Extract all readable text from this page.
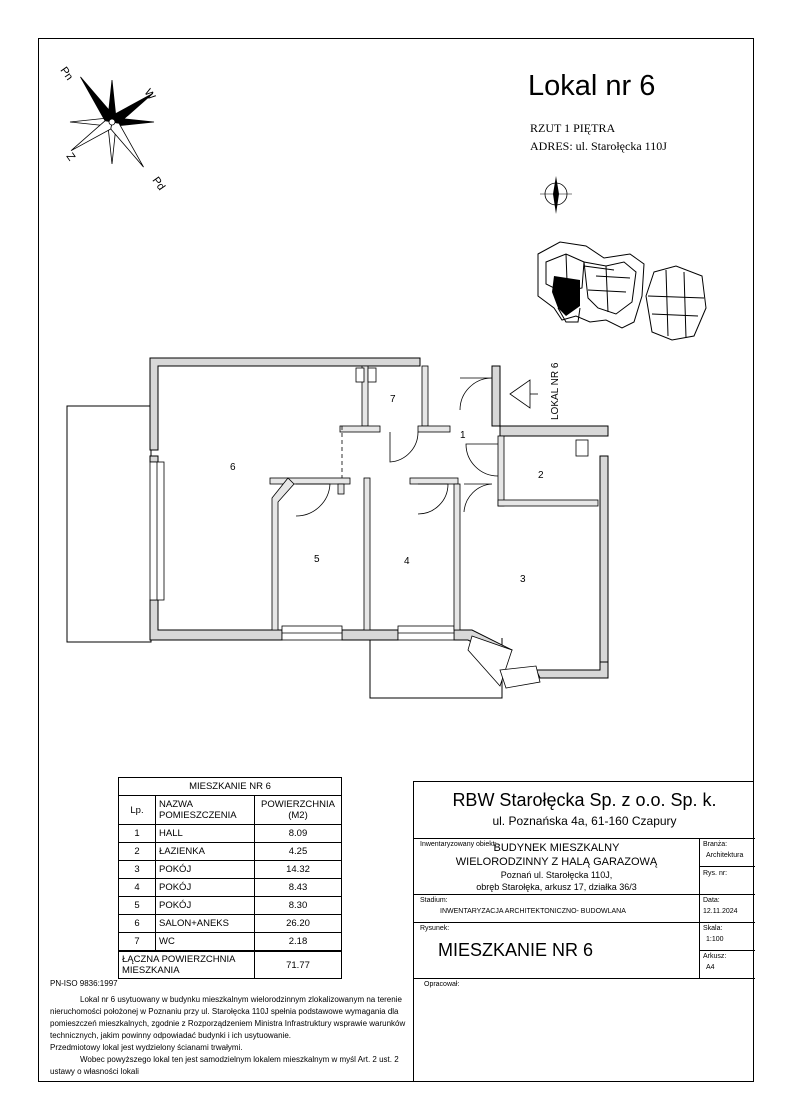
Pn
W
Z
Pd
Lokal nr 6
RZUT 1 PIĘTRA
ADRES: ul. Starołęcka 110J
6
7
1
2
3
4
5
LOKAL NR 6
MIESZKANIE NR 6		
Lp.	NAZWA POMIESZCZENIA	POWIERZCHNIA (M2)
1	HALL	8.09
2	ŁAZIENKA	4.25
3	POKÓJ	14.32
4	POKÓJ	8.43
5	POKÓJ	8.30
6	SALON+ANEKS	26.20
7	WC	2.18
ŁĄCZNA POWIERZCHNIA MIESZKANIA		71.77

PN-ISO 9836:1997

Lokal nr 6 usytuowany w budynku mieszkalnym wielorodzinnym zlokalizowanym na terenie nieruchomości położonej w Poznaniu przy ul. Starołęcka 110J spełnia podstawowe wymagania dla pomieszczeń mieszkalnych, zgodnie z Rozporządzeniem Ministra Infrastruktury wsprawie warunków technicznych, jakim powinny odpowiadać budynki i ich usytuowanie.

Przedmiotowy lokal jest wydzielony ścianami trwałymi.

Wobec powyższego lokal ten jest samodzielnym lokalem mieszkalnym w myśl Art. 2 ust. 2 ustawy o własności lokali

RBW Starołęcka Sp. z o.o. Sp. k.
ul. Poznańska 4a, 61-160 Czapury
Inwentaryzowany obiekt:
BUDYNEK MIESZKALNY
WIELORODZINNY Z HALĄ GARAZOWĄ
Poznań ul. Starołęcka 110J,
obręb Starołęka, arkusz 17, działka 36/3
Branża:
Architektura
Rys. nr:
Stadium:
INWENTARYZACJA ARCHITEKTONICZNO- BUDOWLANA
Data:
12.11.2024
Rysunek:
MIESZKANIE NR 6
Skala:
1:100
Arkusz:
A4
Opracował:
